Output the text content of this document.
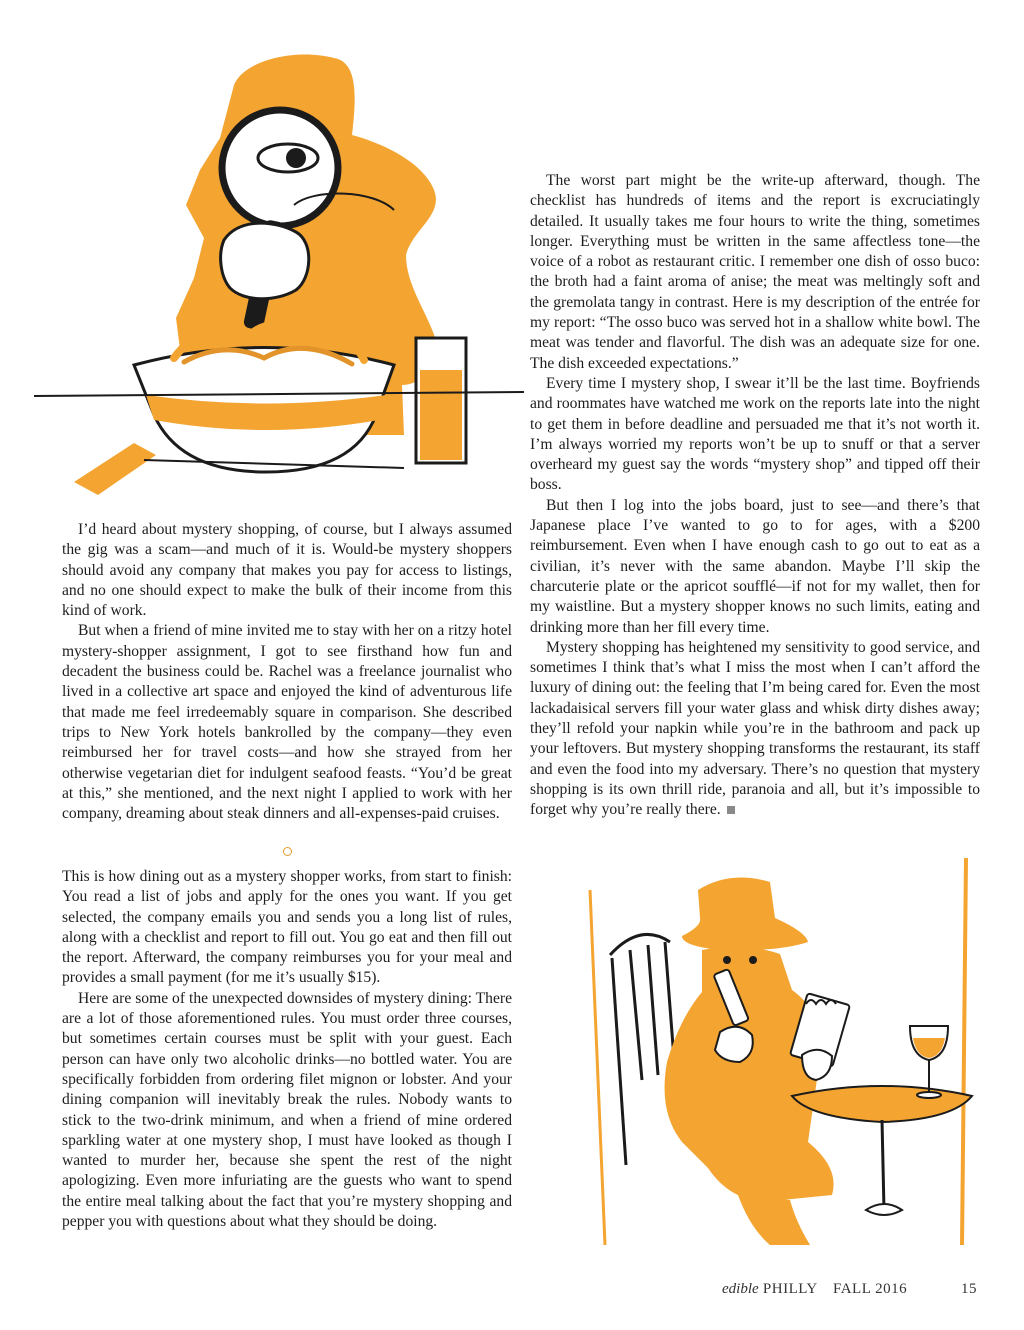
I’d heard about mystery shopping, of course, but I always assumed the gig was a scam—and much of it is. Would-be mystery shoppers should avoid any company that makes you pay for access to listings, and no one should expect to make the bulk of their income from this kind of work.

But when a friend of mine invited me to stay with her on a ritzy hotel mystery-shopper assignment, I got to see firsthand how fun and decadent the business could be. Rachel was a freelance journalist who lived in a collective art space and enjoyed the kind of adventurous life that made me feel irredeemably square in comparison. She described trips to New York hotels bankrolled by the company—they even reimbursed her for travel costs—and how she strayed from her otherwise vegetarian diet for indulgent seafood feasts. “You’d be great at this,” she mentioned, and the next night I applied to work with her company, dreaming about steak dinners and all-expenses-paid cruises.

This is how dining out as a mystery shopper works, from start to finish: You read a list of jobs and apply for the ones you want. If you get selected, the company emails you and sends you a long list of rules, along with a checklist and report to fill out. You go eat and then fill out the report. Afterward, the company reimburses you for your meal and provides a small payment (for me it’s usually $15).

Here are some of the unexpected downsides of mystery dining: There are a lot of those aforementioned rules. You must order three courses, but sometimes certain courses must be split with your guest. Each person can have only two alcoholic drinks—no bottled water. You are specifically forbidden from ordering filet mignon or lobster. And your dining companion will inevitably break the rules. Nobody wants to stick to the two-drink minimum, and when a friend of mine ordered sparkling water at one mystery shop, I must have looked as though I wanted to murder her, because she spent the rest of the night apologizing. Even more infuriating are the guests who want to spend the entire meal talking about the fact that you’re mystery shopping and pepper you with questions about what they should be doing.

The worst part might be the write-up afterward, though. The checklist has hundreds of items and the report is excruciatingly detailed. It usually takes me four hours to write the thing, sometimes longer. Everything must be written in the same affectless tone—the voice of a robot as restaurant critic. I remember one dish of osso buco: the broth had a faint aroma of anise; the meat was meltingly soft and the gremolata tangy in contrast. Here is my description of the entrée for my report: “The osso buco was served hot in a shallow white bowl. The meat was tender and flavorful. The dish was an adequate size for one. The dish exceeded expectations.”

Every time I mystery shop, I swear it’ll be the last time. Boyfriends and roommates have watched me work on the reports late into the night to get them in before deadline and persuaded me that it’s not worth it. I’m always worried my reports won’t be up to snuff or that a server overheard my guest say the words “mystery shop” and tipped off their boss.

But then I log into the jobs board, just to see—and there’s that Japanese place I’ve wanted to go to for ages, with a $200 reimbursement. Even when I have enough cash to go out to eat as a civilian, it’s never with the same abandon. Maybe I’ll skip the charcuterie plate or the apricot soufflé—if not for my wallet, then for my waistline. But a mystery shopper knows no such limits, eating and drinking more than her fill every time.

Mystery shopping has heightened my sensitivity to good service, and sometimes I think that’s what I miss the most when I can’t afford the luxury of dining out: the feeling that I’m being cared for. Even the most lackadaisical servers fill your water glass and whisk dirty dishes away; they’ll refold your napkin while you’re in the bathroom and pack up your leftovers. But mystery shopping transforms the restaurant, its staff and even the food into my adversary. There’s no question that mystery shopping is its own thrill ride, paranoia and all, but it’s impossible to forget why you’re really there.

edible PHILLY FALL 2016	15
